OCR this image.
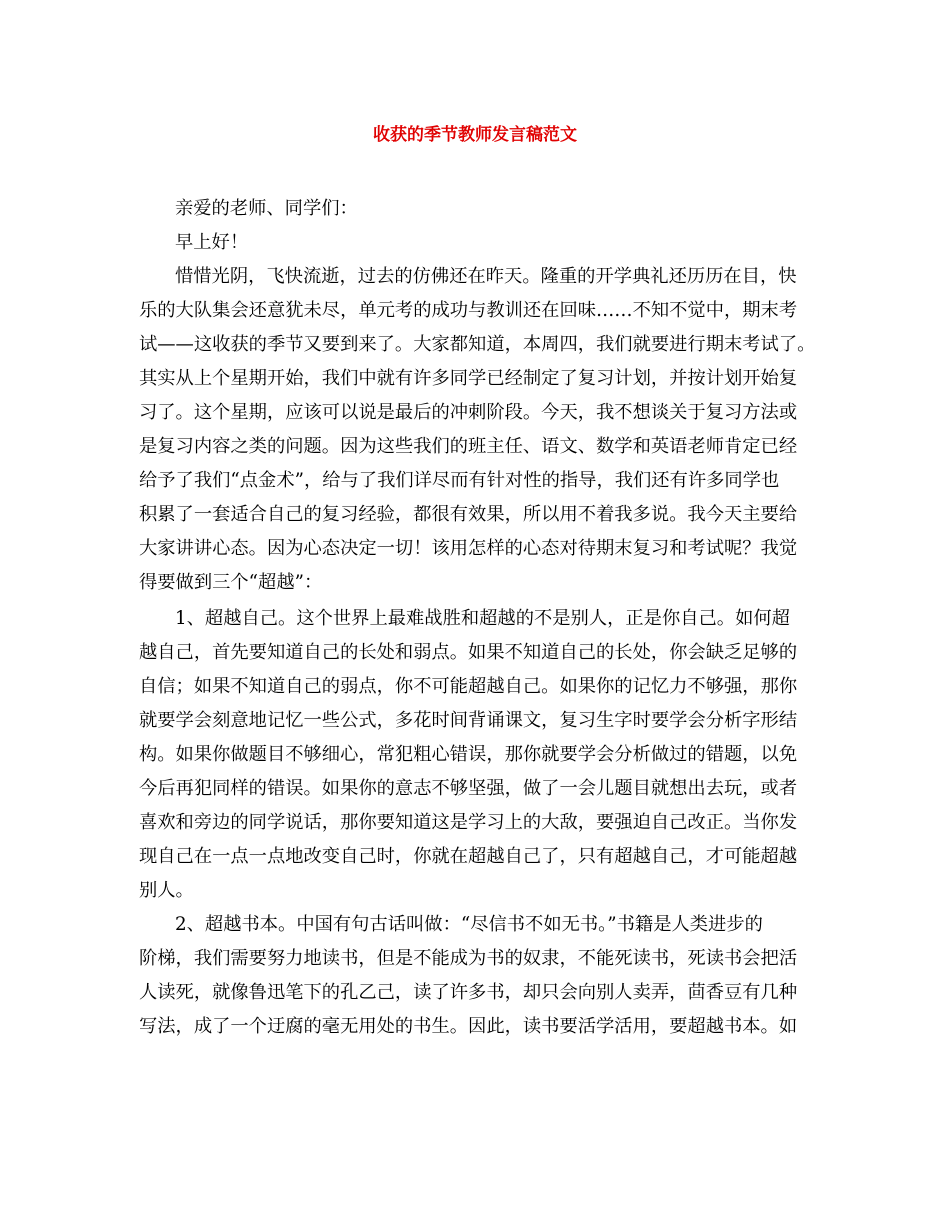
收获的季节教师发言稿范文

亲爱的老师、同学们：

早上好！

惜惜光阴，飞快流逝，过去的仿佛还在昨天。隆重的开学典礼还历历在目，快

乐的大队集会还意犹未尽，单元考的成功与教训还在回味……不知不觉中，期末考

试——这收获的季节又要到来了。大家都知道，本周四，我们就要进行期末考试了。

其实从上个星期开始，我们中就有许多同学已经制定了复习计划，并按计划开始复

习了。这个星期，应该可以说是最后的冲刺阶段。今天，我不想谈关于复习方法或

是复习内容之类的问题。因为这些我们的班主任、语文、数学和英语老师肯定已经

给予了我们“点金术”，给与了我们详尽而有针对性的指导，我们还有许多同学也

积累了一套适合自己的复习经验，都很有效果，所以用不着我多说。我今天主要给

大家讲讲心态。因为心态决定一切！该用怎样的心态对待期末复习和考试呢？我觉

得要做到三个“超越”：

1、超越自己。这个世界上最难战胜和超越的不是别人，正是你自己。如何超

越自己，首先要知道自己的长处和弱点。如果不知道自己的长处，你会缺乏足够的

自信；如果不知道自己的弱点，你不可能超越自己。如果你的记忆力不够强，那你

就要学会刻意地记忆一些公式，多花时间背诵课文，复习生字时要学会分析字形结

构。如果你做题目不够细心，常犯粗心错误，那你就要学会分析做过的错题，以免

今后再犯同样的错误。如果你的意志不够坚强，做了一会儿题目就想出去玩，或者

喜欢和旁边的同学说话，那你要知道这是学习上的大敌，要强迫自己改正。当你发

现自己在一点一点地改变自己时，你就在超越自己了，只有超越自己，才可能超越

别人。

2、超越书本。中国有句古话叫做：“尽信书不如无书。”书籍是人类进步的

阶梯，我们需要努力地读书，但是不能成为书的奴隶，不能死读书，死读书会把活

人读死，就像鲁迅笔下的孔乙己，读了许多书，却只会向别人卖弄，茴香豆有几种

写法，成了一个迂腐的毫无用处的书生。因此，读书要活学活用，要超越书本。如
